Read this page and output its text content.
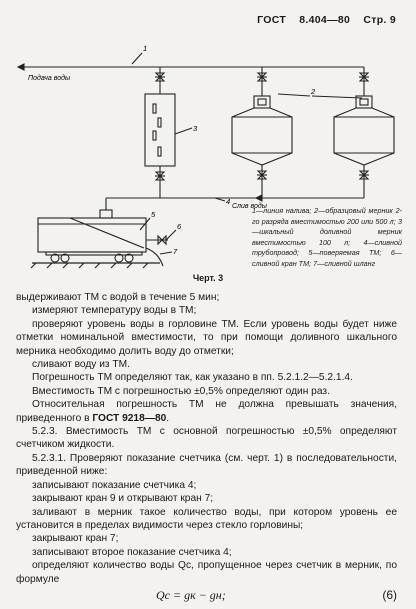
ГОСТ 8.404—80 Стр. 9
Подача воды
Слив воды
1
2
3
4
5
6
7
1—линия налива; 2—образцовый мерник 2-го разряда вместимостью 200 или 500 л; 3—шкальный доливной мерник вместимостью 100 л; 4—сливной трубопровод; 5—поверяемая ТМ; 6—сливной кран ТМ; 7—сливной шланг
Черт. 3

выдерживают ТМ с водой в течение 5 мин;

измеряют температуру воды в ТМ;

проверяют уровень воды в горловине ТМ. Если уровень воды будет ниже отметки номинальной вместимости, то при помощи доливного шкального мерника необходимо долить воду до отметки;

сливают воду из ТМ.

Погрешность ТМ определяют так, как указано в пп. 5.2.1.2—5.2.1.4.

Вместимость ТМ с погрешностью ±0,5% определяют один раз.

Относительная погрешность ТМ не должна превышать значения, приведенного в ГОСТ 9218—80.

5.2.3. Вместимость ТМ с основной погрешностью ±0,5% определяют счетчиком жидкости.

5.2.3.1. Проверяют показание счетчика (см. черт. 1) в последовательности, приведенной ниже:

записывают показание счетчика 4;

закрывают кран 9 и открывают кран 7;

заливают в мерник такое количество воды, при котором уровень ее установится в пределах видимости через стекло горловины;

закрывают кран 7;

записывают второе показание счетчика 4;

определяют количество воды Qc, пропущенное через счетчик в мерник, по формуле

Qc = gк − gн;	(6)
